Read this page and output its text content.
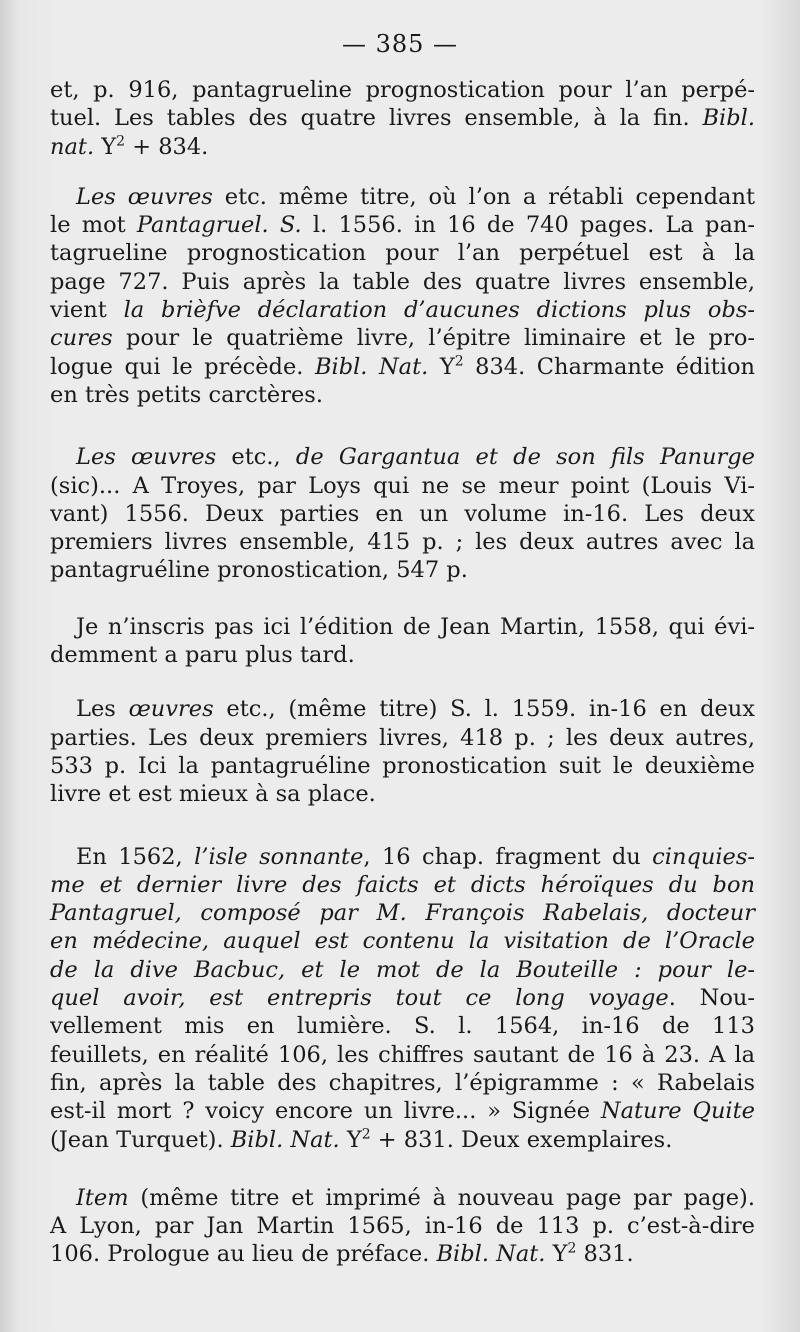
— 385 —
et, p. 916, pantagrueline prognostication pour l’an perpé-
tuel. Les tables des quatre livres ensemble, à la fin. Bibl.
nat. $Y^2 + 834$.
Les œuvres etc. même titre, où l’on a rétabli cependant
le mot Pantagruel. S. l. 1556. in 16 de 740 pages. La pan-
tagrueline prognostication pour l’an perpétuel est à la
page 727. Puis après la table des quatre livres ensemble,
vient la brièfve déclaration d’aucunes dictions plus obs-
cures pour le quatrième livre, l’épitre liminaire et le pro-
logue qui le précède. Bibl. Nat. $Y^2$ 834. Charmante édition
en très petits carctères.
Les œuvres etc., de Gargantua et de son fils Panurge
(sic)... A Troyes, par Loys qui ne se meur point (Louis Vi-
vant) 1556. Deux parties en un volume in-16. Les deux
premiers livres ensemble, 415 p. ; les deux autres avec la
pantagruéline pronostication, 547 p.
Je n’inscris pas ici l’édition de Jean Martin, 1558, qui évi-
demment a paru plus tard.
Les œuvres etc., (même titre) S. l. 1559. in-16 en deux
parties. Les deux premiers livres, 418 p. ; les deux autres,
533 p. Ici la pantagruéline pronostication suit le deuxième
livre et est mieux à sa place.
En 1562, l’isle sonnante, 16 chap. fragment du cinquies-
me et dernier livre des faicts et dicts héroïques du bon
Pantagruel, composé par M. François Rabelais, docteur
en médecine, auquel est contenu la visitation de l’Oracle
de la dive Bacbuc, et le mot de la Bouteille : pour le-
quel avoir, est entrepris tout ce long voyage. Nou-
vellement mis en lumière. S. l. 1564, in-16 de 113
feuillets, en réalité 106, les chiffres sautant de 16 à 23. A la
fin, après la table des chapitres, l’épigramme : « Rabelais
est-il mort ? voicy encore un livre... » Signée Nature Quite
(Jean Turquet). Bibl. Nat. $Y^2 + 831$. Deux exemplaires.
Item (même titre et imprimé à nouveau page par page).
A Lyon, par Jan Martin 1565, in-16 de 113 p. c’est-à-dire
106. Prologue au lieu de préface. Bibl. Nat. $Y^2$ 831.
